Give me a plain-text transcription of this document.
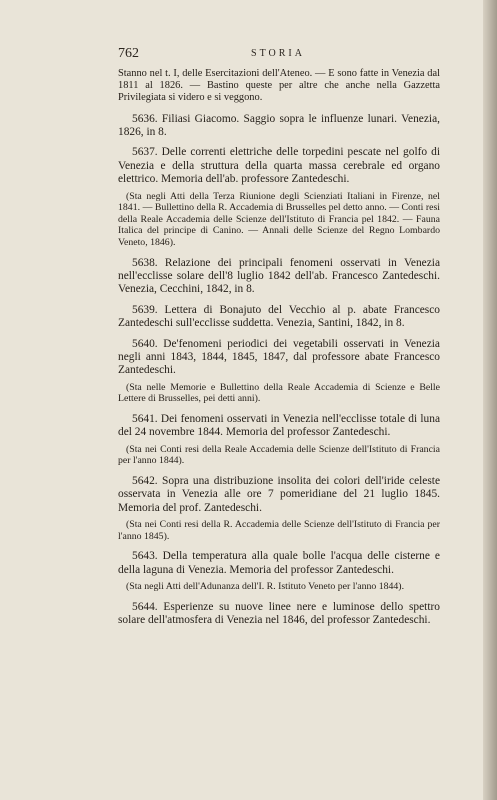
762	STORIA

Stanno nel t. I, delle Esercitazioni dell'Ateneo. — E sono fatte in Venezia dal 1811 al 1826. — Bastino queste per altre che anche nella Gazzetta Privilegiata si videro e si veggono.

5636. Filiasi Giacomo. Saggio sopra le influenze lunari. Venezia, 1826, in 8.

5637. Delle correnti elettriche delle torpedini pescate nel golfo di Venezia e della struttura della quarta massa cerebrale ed organo elettrico. Memoria dell'ab. professore Zantedeschi.

(Sta negli Atti della Terza Riunione degli Scienziati Italiani in Firenze, nel 1841. — Bullettino della R. Accademia di Brusselles pel detto anno. — Conti resi della Reale Accademia delle Scienze dell'Istituto di Francia pel 1842. — Fauna Italica del principe di Canino. — Annali delle Scienze del Regno Lombardo Veneto, 1846).

5638. Relazione dei principali fenomeni osservati in Venezia nell'ecclisse solare dell'8 luglio 1842 dell'ab. Francesco Zantedeschi. Venezia, Cecchini, 1842, in 8.

5639. Lettera di Bonajuto del Vecchio al p. abate Francesco Zantedeschi sull'ecclisse suddetta. Venezia, Santini, 1842, in 8.

5640. De'fenomeni periodici dei vegetabili osservati in Venezia negli anni 1843, 1844, 1845, 1847, dal professore abate Francesco Zantedeschi.

(Sta nelle Memorie e Bullettino della Reale Accademia di Scienze e Belle Lettere di Brusselles, pei detti anni).

5641. Dei fenomeni osservati in Venezia nell'ecclisse totale di luna del 24 novembre 1844. Memoria del professor Zantedeschi.

(Sta nei Conti resi della Reale Accademia delle Scienze dell'Istituto di Francia per l'anno 1844).

5642. Sopra una distribuzione insolita dei colori dell'iride celeste osservata in Venezia alle ore 7 pomeridiane del 21 luglio 1845. Memoria del prof. Zantedeschi.

(Sta nei Conti resi della R. Accademia delle Scienze dell'Istituto di Francia per l'anno 1845).

5643. Della temperatura alla quale bolle l'acqua delle cisterne e della laguna di Venezia. Memoria del professor Zantedeschi.

(Sta negli Atti dell'Adunanza dell'I. R. Istituto Veneto per l'anno 1844).

5644. Esperienze su nuove linee nere e luminose dello spettro solare dell'atmosfera di Venezia nel 1846, del professor Zantedeschi.
